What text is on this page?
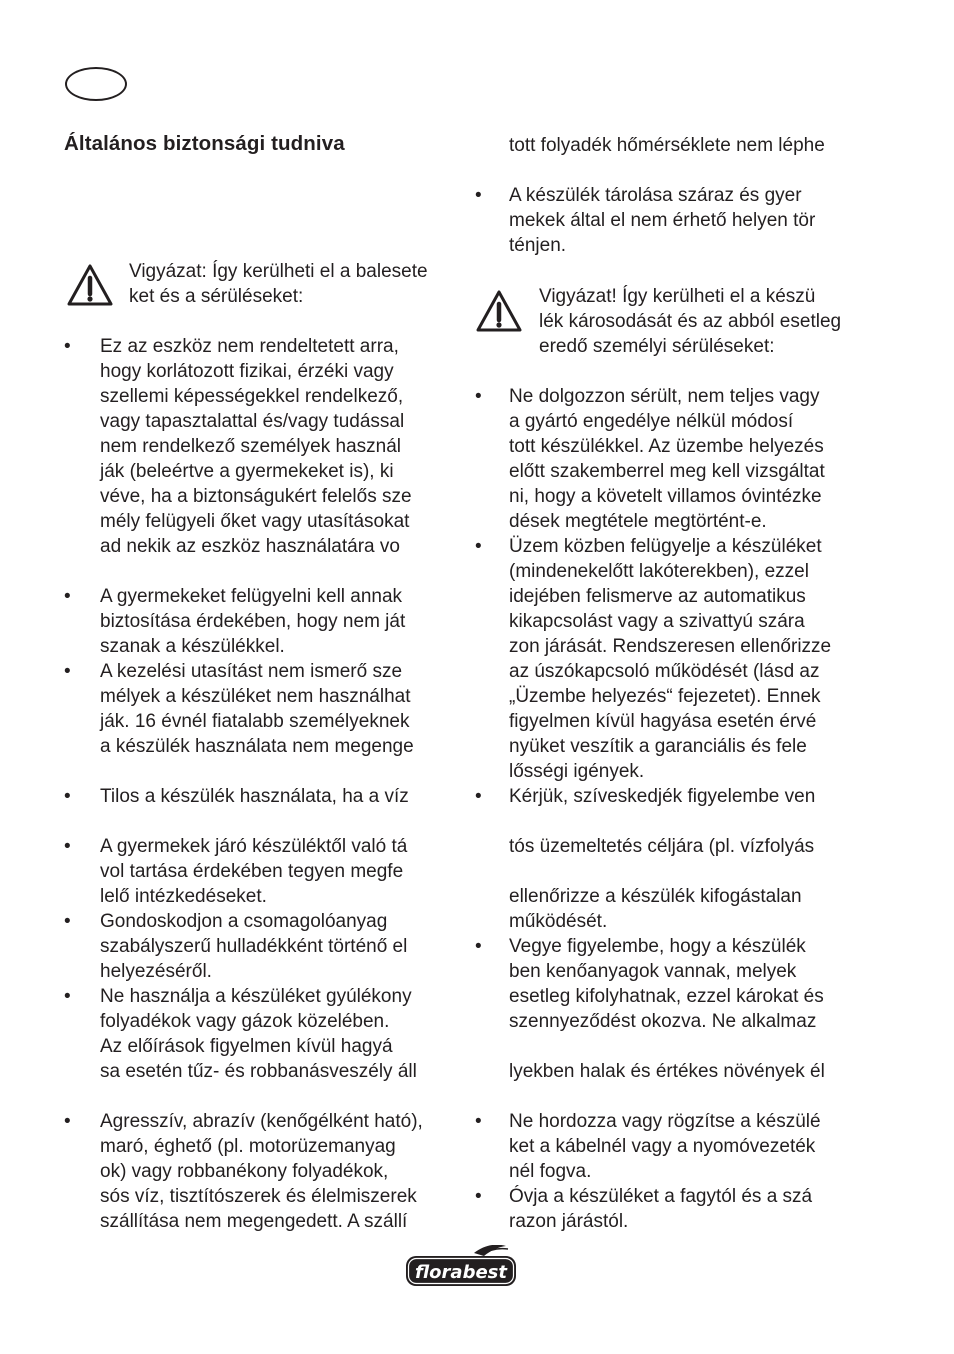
Általános biztonsági tudniva
Vigyázat: Így kerülheti el a balesete
ket és a sérüléseket:
• Ez az eszköz nem rendeltetett arra,
hogy korlátozott fizikai, érzéki vagy
szellemi képességekkel rendelkező,
vagy tapasztalattal és/vagy tudással
nem rendelkező személyek használ
ják (beleértve a gyermekeket is), ki
véve, ha a biztonságukért felelős sze
mély felügyeli őket vagy utasításokat
ad nekik az eszköz használatára vo
• A gyermekeket felügyelni kell annak
biztosítása érdekében, hogy nem ját
szanak a készülékkel.
• A kezelési utasítást nem ismerő sze
mélyek a készüléket nem használhat
ják. 16 évnél fiatalabb személyeknek
a készülék használata nem megenge
• Tilos a készülék használata, ha a víz
• A gyermekek járó készüléktől való tá
vol tartása érdekében tegyen megfe
lelő intézkedéseket.
• Gondoskodjon a csomagolóanyag
szabályszerű hulladékként történő el
helyezéséről.
• Ne használja a készüléket gyúlékony
folyadékok vagy gázok közelében.
Az előírások figyelmen kívül hagyá
sa esetén tűz- és robbanásveszély áll
• Agresszív, abrazív (kenőgélként ható),
maró, éghető (pl. motorüzemanyag
ok) vagy robbanékony folyadékok,
sós víz, tisztítószerek és élelmiszerek
szállítása nem megengedett. A szállí
tott folyadék hőmérséklete nem léphe
• A készülék tárolása száraz és gyer
mekek által el nem érhető helyen tör
ténjen.
Vigyázat! Így kerülheti el a készü
lék károsodását és az abból esetleg
eredő személyi sérüléseket:
• Ne dolgozzon sérült, nem teljes vagy
a gyártó engedélye nélkül módosí
tott készülékkel. Az üzembe helyezés
előtt szakemberrel meg kell vizsgáltat
ni, hogy a követelt villamos óvintézke
dések megtétele megtörtént-e.
• Üzem közben felügyelje a készüléket
(mindenekelőtt lakóterekben), ezzel
idejében felismerve az automatikus
kikapcsolást vagy a szivattyú szára
zon járását. Rendszeresen ellenőrizze
az úszókapcsoló működését (lásd az
„Üzembe helyezés“ fejezetet). Ennek
figyelmen kívül hagyása esetén érvé
nyüket veszítik a garanciális és fele
lősségi igények.
• Kérjük, szíveskedjék figyelembe ven
tós üzemeltetés céljára (pl. vízfolyás
ellenőrizze a készülék kifogástalan
működését.
• Vegye figyelembe, hogy a készülék
ben kenőanyagok vannak, melyek
esetleg kifolyhatnak, ezzel károkat és
szennyeződést okozva. Ne alkalmaz
lyekben halak és értékes növények él
• Ne hordozza vagy rögzítse a készülé
ket a kábelnél vagy a nyomóvezeték
nél fogva.
• Óvja a készüléket a fagytól és a szá
razon járástól.
florabest
